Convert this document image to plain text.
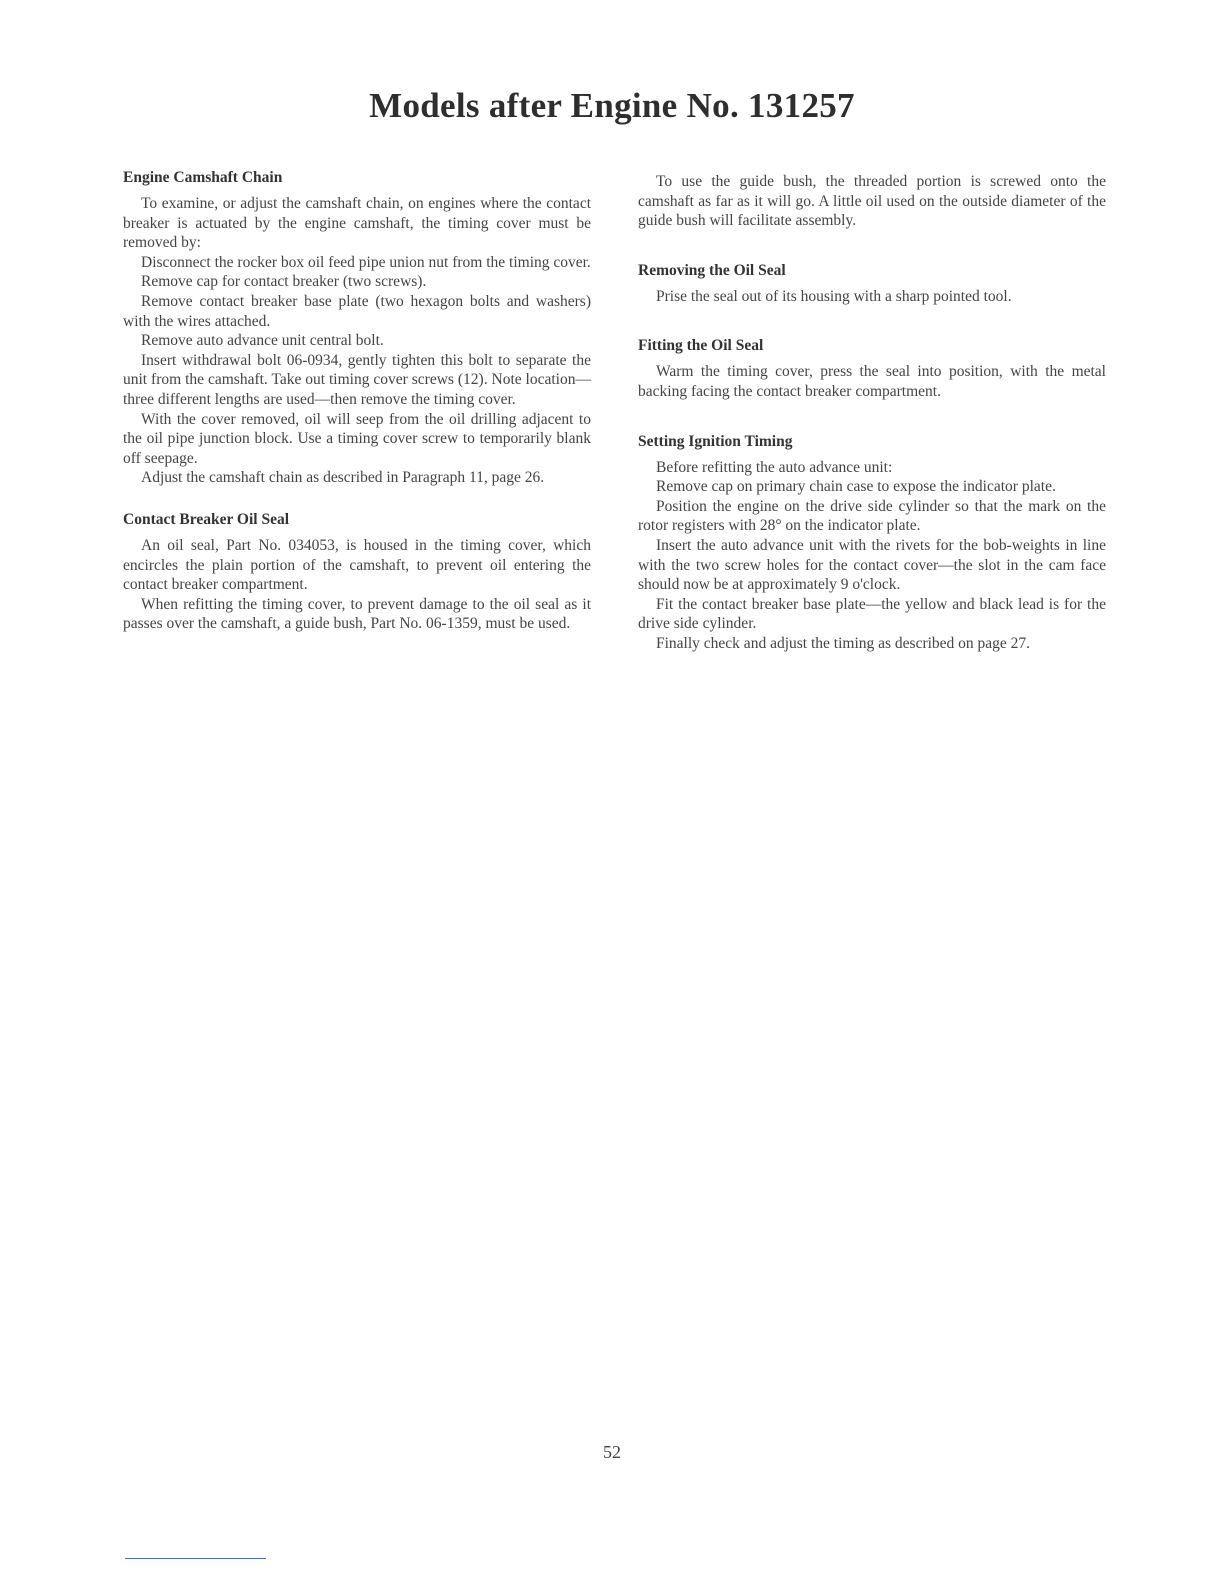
Models after Engine No. 131257
Engine Camshaft Chain

To examine, or adjust the camshaft chain, on engines where the contact breaker is actuated by the engine camshaft, the timing cover must be removed by:

Disconnect the rocker box oil feed pipe union nut from the timing cover.

Remove cap for contact breaker (two screws).

Remove contact breaker base plate (two hexagon bolts and washers) with the wires attached.

Remove auto advance unit central bolt.

Insert withdrawal bolt 06-0934, gently tighten this bolt to separate the unit from the camshaft. Take out timing cover screws (12). Note location—three different lengths are used—then remove the timing cover.

With the cover removed, oil will seep from the oil drilling adjacent to the oil pipe junction block. Use a timing cover screw to temporarily blank off seepage.

Adjust the camshaft chain as described in Paragraph 11, page 26.

Contact Breaker Oil Seal

An oil seal, Part No. 034053, is housed in the timing cover, which encircles the plain portion of the camshaft, to prevent oil entering the contact breaker compartment.

When refitting the timing cover, to prevent damage to the oil seal as it passes over the camshaft, a guide bush, Part No. 06-1359, must be used.

To use the guide bush, the threaded portion is screwed onto the camshaft as far as it will go. A little oil used on the outside diameter of the guide bush will facilitate assembly.

Removing the Oil Seal

Prise the seal out of its housing with a sharp pointed tool.

Fitting the Oil Seal

Warm the timing cover, press the seal into position, with the metal backing facing the contact breaker compartment.

Setting Ignition Timing

Before refitting the auto advance unit:

Remove cap on primary chain case to expose the indicator plate.

Position the engine on the drive side cylinder so that the mark on the rotor registers with 28° on the indicator plate.

Insert the auto advance unit with the rivets for the bob-weights in line with the two screw holes for the contact cover—the slot in the cam face should now be at approximately 9 o'clock.

Fit the contact breaker base plate—the yellow and black lead is for the drive side cylinder.

Finally check and adjust the timing as described on page 27.

52
